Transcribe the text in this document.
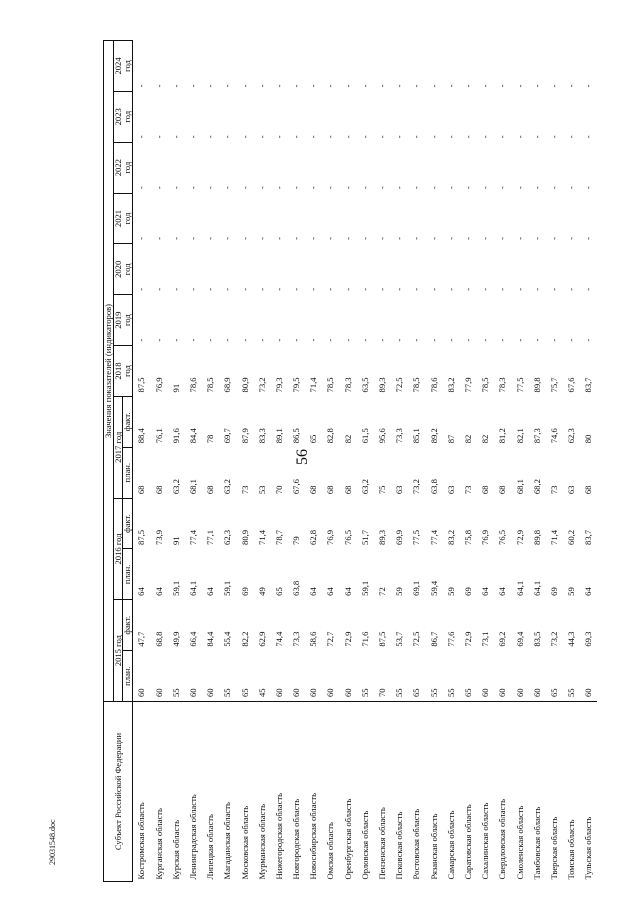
56
Субъект Российской Федерации	Значения показателей (индикаторов)												
	2015 год		2016 год		2017 год		2018
год	2019
год	2020
год	2021
год	2022
год	2023
год	2024
год
	план.	факт.	план.	факт.	план.	факт.							
Костромская область	60	47,7	64	87,5	68	88,4	87,5	-	-	-	-	-	-
Курганская область	60	68,8	64	73,9	68	76,1	76,9	-	-	-	-	-	-
Курская область	55	49,9	59,1	91	63,2	91,6	91	-	-	-	-	-	-
Ленинградская область	60	66,4	64,1	77,4	68,1	84,4	78,6	-	-	-	-	-	-
Липецкая область	60	84,4	64	77,1	68	78	78,5	-	-	-	-	-	-
Магаданская область	55	55,4	59,1	62,3	63,2	69,7	68,9	-	-	-	-	-	-
Московская область	65	82,2	69	80,9	73	87,9	80,9	-	-	-	-	-	-
Мурманская область	45	62,9	49	71,4	53	83,3	73,2	-	-	-	-	-	-
Нижегородская область	60	74,4	65	78,7	70	89,1	79,3	-	-	-	-	-	-
Новгородская область	60	73,3	63,8	79	67,6	86,5	79,5	-	-	-	-	-	-
Новосибирская область	60	58,6	64	62,8	68	65	71,4	-	-	-	-	-	-
Омская область	60	72,7	64	76,9	68	82,8	78,5	-	-	-	-	-	-
Оренбургская область	60	72,9	64	76,5	68	82	78,3	-	-	-	-	-	-
Орловская область	55	71,6	59,1	51,7	63,2	61,5	63,5	-	-	-	-	-	-
Пензенская область	70	87,5	72	89,3	75	95,6	89,3	-	-	-	-	-	-
Псковская область	55	53,7	59	69,9	63	73,3	72,5	-	-	-	-	-	-
Ростовская область	65	72,5	69,1	77,5	73,2	85,1	78,5	-	-	-	-	-	-
Рязанская область	55	86,7	59,4	77,4	63,8	89,2	78,6	-	-	-	-	-	-
Самарская область	55	77,6	59	83,2	63	87	83,2	-	-	-	-	-	-
Саратовская область	65	72,9	69	75,8	73	82	77,9	-	-	-	-	-	-
Сахалинская область	60	73,1	64	76,9	68	82	78,5	-	-	-	-	-	-
Свердловская область	60	69,2	64	76,5	68	81,2	78,3	-	-	-	-	-	-
Смоленская область	60	69,4	64,1	72,9	68,1	82,1	77,5	-	-	-	-	-	-
Тамбовская область	60	83,5	64,1	89,8	68,2	87,3	89,8	-	-	-	-	-	-
Тверская область	65	73,2	69	71,4	73	74,6	75,7	-	-	-	-	-	-
Томская область	55	44,3	59	60,2	63	62,3	67,6	-	-	-	-	-	-
Тульская область	60	69,3	64	83,7	68	80	83,7	-	-	-	-	-	-
29031548.doc
